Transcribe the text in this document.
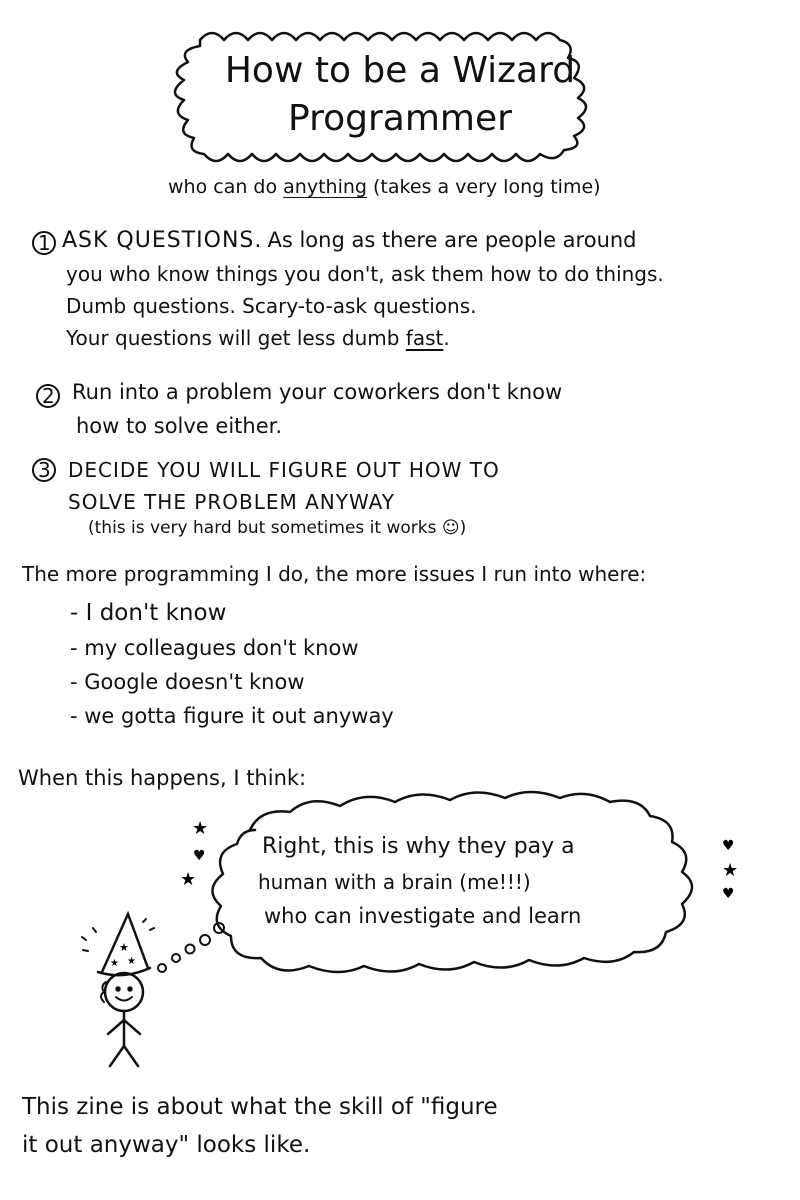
★
♥
★
♥
★
♥
★
★ ★
How to be a Wizard
Programmer
who can do anything (takes a very long time)
1 ASK QUESTIONS. As long as there are people around
you who know things you don't, ask them how to do things.
Dumb questions. Scary-to-ask questions.
Your questions will get less dumb fast.
2 Run into a problem your coworkers don't know
how to solve either.
3 DECIDE YOU WILL FIGURE OUT HOW TO
SOLVE THE PROBLEM ANYWAY
(this is very hard but sometimes it works ☺)
The more programming I do, the more issues I run into where:
- I don't know
- my colleagues don't know
- Google doesn't know
- we gotta figure it out anyway
When this happens, I think:
Right, this is why they pay a
human with a brain (me!!!)
who can investigate and learn
This zine is about what the skill of "figure
it out anyway" looks like.
